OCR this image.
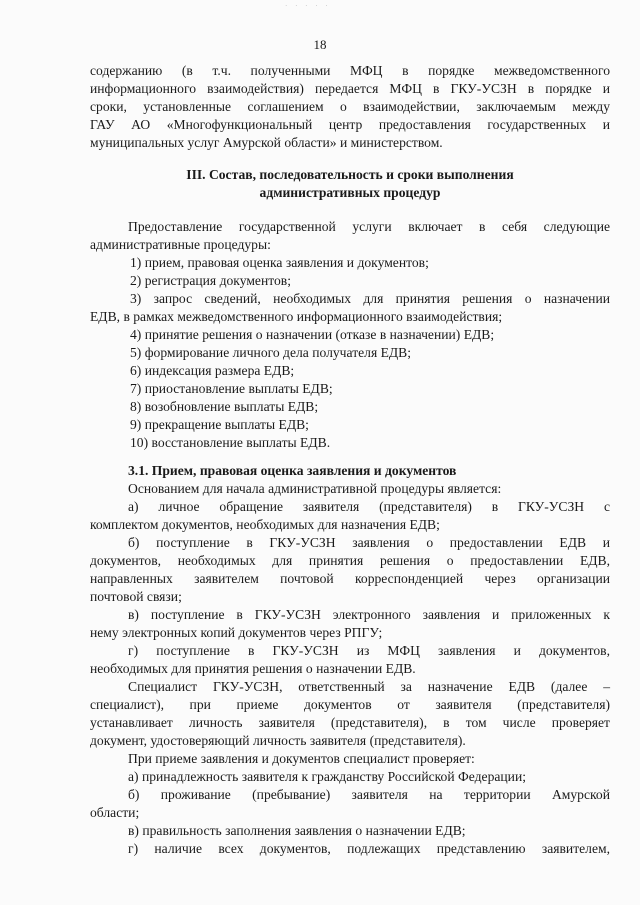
· · · · ·
18
содержанию (в т.ч. полученными МФЦ в порядке межведомственного
информационного взаимодействия) передается МФЦ в ГКУ-УСЗН в порядке и
сроки, установленные соглашением о взаимодействии, заключаемым между
ГАУ АО «Многофункциональный центр предоставления государственных и
муниципальных услуг Амурской области» и министерством.
III. Состав, последовательность и сроки выполнения
административных процедур
Предоставление государственной услуги включает в себя следующие
административные процедуры:
1) прием, правовая оценка заявления и документов;
2) регистрация документов;
3) запрос сведений, необходимых для принятия решения о назначении
ЕДВ, в рамках межведомственного информационного взаимодействия;
4) принятие решения о назначении (отказе в назначении) ЕДВ;
5) формирование личного дела получателя ЕДВ;
6) индексация размера ЕДВ;
7) приостановление выплаты ЕДВ;
8) возобновление выплаты ЕДВ;
9) прекращение выплаты ЕДВ;
10) восстановление выплаты ЕДВ.
3.1. Прием, правовая оценка заявления и документов
Основанием для начала административной процедуры является:
а) личное обращение заявителя (представителя) в ГКУ-УСЗН с
комплектом документов, необходимых для назначения ЕДВ;
б) поступление в ГКУ-УСЗН заявления о предоставлении ЕДВ и
документов, необходимых для принятия решения о предоставлении ЕДВ,
направленных заявителем почтовой корреспонденцией через организации
почтовой связи;
в) поступление в ГКУ-УСЗН электронного заявления и приложенных к
нему электронных копий документов через РПГУ;
г) поступление в ГКУ-УСЗН из МФЦ заявления и документов,
необходимых для принятия решения о назначении ЕДВ.
Специалист ГКУ-УСЗН, ответственный за назначение ЕДВ (далее –
специалист), при приеме документов от заявителя (представителя)
устанавливает личность заявителя (представителя), в том числе проверяет
документ, удостоверяющий личность заявителя (представителя).
При приеме заявления и документов специалист проверяет:
а) принадлежность заявителя к гражданству Российской Федерации;
б) проживание (пребывание) заявителя на территории Амурской
области;
в) правильность заполнения заявления о назначении ЕДВ;
г) наличие всех документов, подлежащих представлению заявителем,
